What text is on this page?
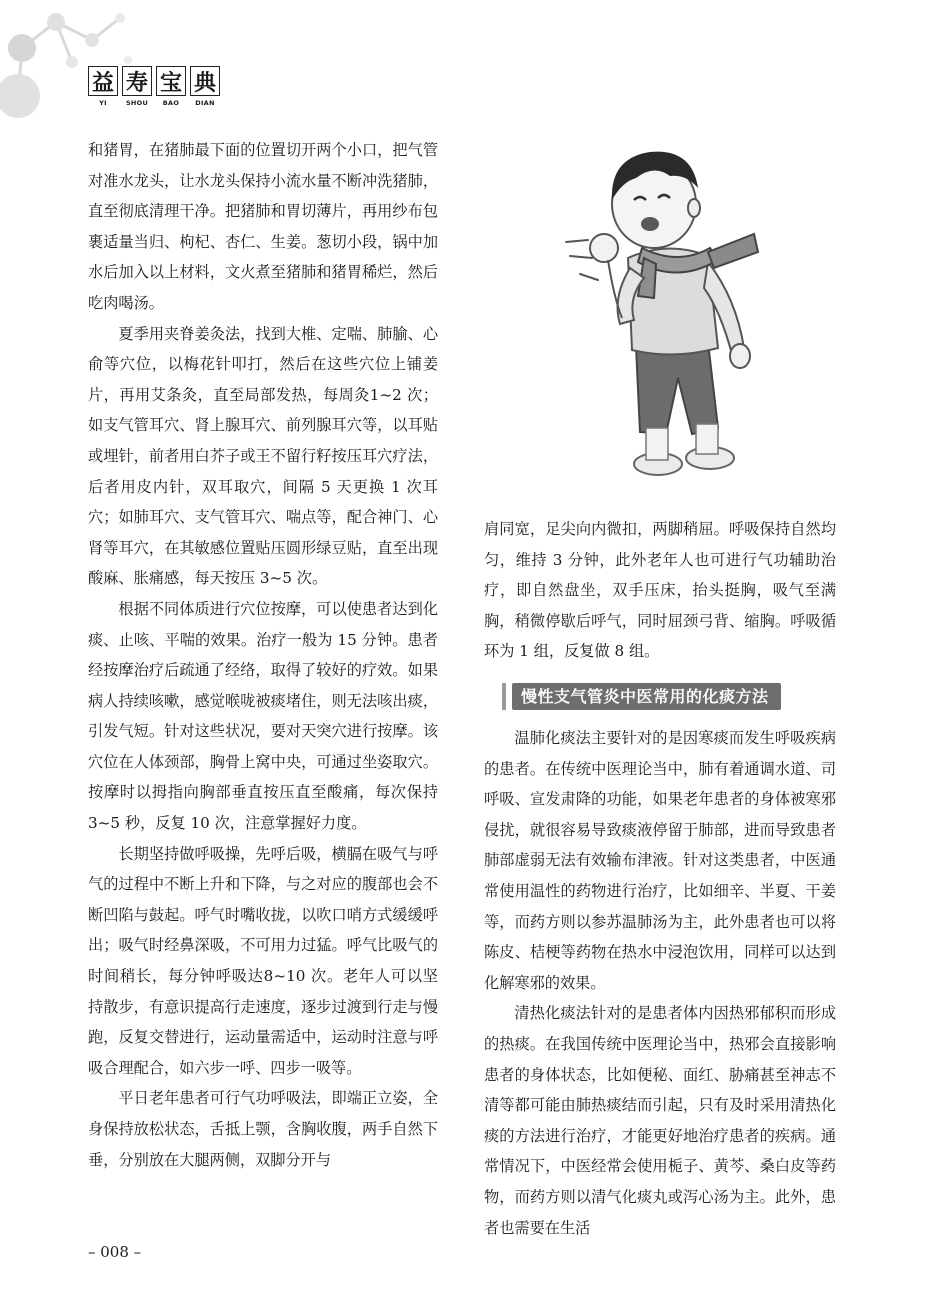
益 寿 宝 典
YI	SHOU	BAO	DIAN

和猪胃，在猪肺最下面的位置切开两个小口，把气管对准水龙头，让水龙头保持小流水量不断冲洗猪肺，直至彻底清理干净。把猪肺和胃切薄片，再用纱布包裹适量当归、枸杞、杏仁、生姜。葱切小段，锅中加水后加入以上材料，文火煮至猪肺和猪胃稀烂，然后吃肉喝汤。

夏季用夹脊姜灸法，找到大椎、定喘、肺腧、心俞等穴位，以梅花针叩打，然后在这些穴位上铺姜片，再用艾条灸，直至局部发热，每周灸1~2 次；如支气管耳穴、肾上腺耳穴、前列腺耳穴等，以耳贴或埋针，前者用白芥子或王不留行籽按压耳穴疗法，后者用皮内针，双耳取穴，间隔 5 天更换 1 次耳穴；如肺耳穴、支气管耳穴、喘点等，配合神门、心肾等耳穴，在其敏感位置贴压圆形绿豆贴，直至出现酸麻、胀痛感，每天按压 3~5 次。

根据不同体质进行穴位按摩，可以使患者达到化痰、止咳、平喘的效果。治疗一般为 15 分钟。患者经按摩治疗后疏通了经络，取得了较好的疗效。如果病人持续咳嗽，感觉喉咙被痰堵住，则无法咳出痰，引发气短。针对这些状况，要对天突穴进行按摩。该穴位在人体颈部，胸骨上窝中央，可通过坐姿取穴。按摩时以拇指向胸部垂直按压直至酸痛，每次保持 3~5 秒，反复 10 次，注意掌握好力度。

长期坚持做呼吸操，先呼后吸，横膈在吸气与呼气的过程中不断上升和下降，与之对应的腹部也会不断凹陷与鼓起。呼气时嘴收拢，以吹口哨方式缓缓呼出；吸气时经鼻深吸，不可用力过猛。呼气比吸气的时间稍长，每分钟呼吸达8~10 次。老年人可以坚持散步，有意识提高行走速度，逐步过渡到行走与慢跑，反复交替进行，运动量需适中，运动时注意与呼吸合理配合，如六步一呼、四步一吸等。

平日老年患者可行气功呼吸法，即端正立姿，全身保持放松状态，舌抵上颚，含胸收腹，两手自然下垂，分别放在大腿两侧，双脚分开与

肩同宽，足尖向内微扣，两脚稍屈。呼吸保持自然均匀，维持 3 分钟，此外老年人也可进行气功辅助治疗，即自然盘坐，双手压床，抬头挺胸，吸气至满胸，稍微停歇后呼气，同时屈颈弓背、缩胸。呼吸循环为 1 组，反复做 8 组。

慢性支气管炎中医常用的化痰方法

温肺化痰法主要针对的是因寒痰而发生呼吸疾病的患者。在传统中医理论当中，肺有着通调水道、司呼吸、宣发肃降的功能，如果老年患者的身体被寒邪侵扰，就很容易导致痰液停留于肺部，进而导致患者肺部虚弱无法有效输布津液。针对这类患者，中医通常使用温性的药物进行治疗，比如细辛、半夏、干姜等，而药方则以参苏温肺汤为主，此外患者也可以将陈皮、桔梗等药物在热水中浸泡饮用，同样可以达到化解寒邪的效果。

清热化痰法针对的是患者体内因热邪郁积而形成的热痰。在我国传统中医理论当中，热邪会直接影响患者的身体状态，比如便秘、面红、胁痛甚至神志不清等都可能由肺热痰结而引起，只有及时采用清热化痰的方法进行治疗，才能更好地治疗患者的疾病。通常情况下，中医经常会使用栀子、黄芩、桑白皮等药物，而药方则以清气化痰丸或泻心汤为主。此外，患者也需要在生活

– 008 –
